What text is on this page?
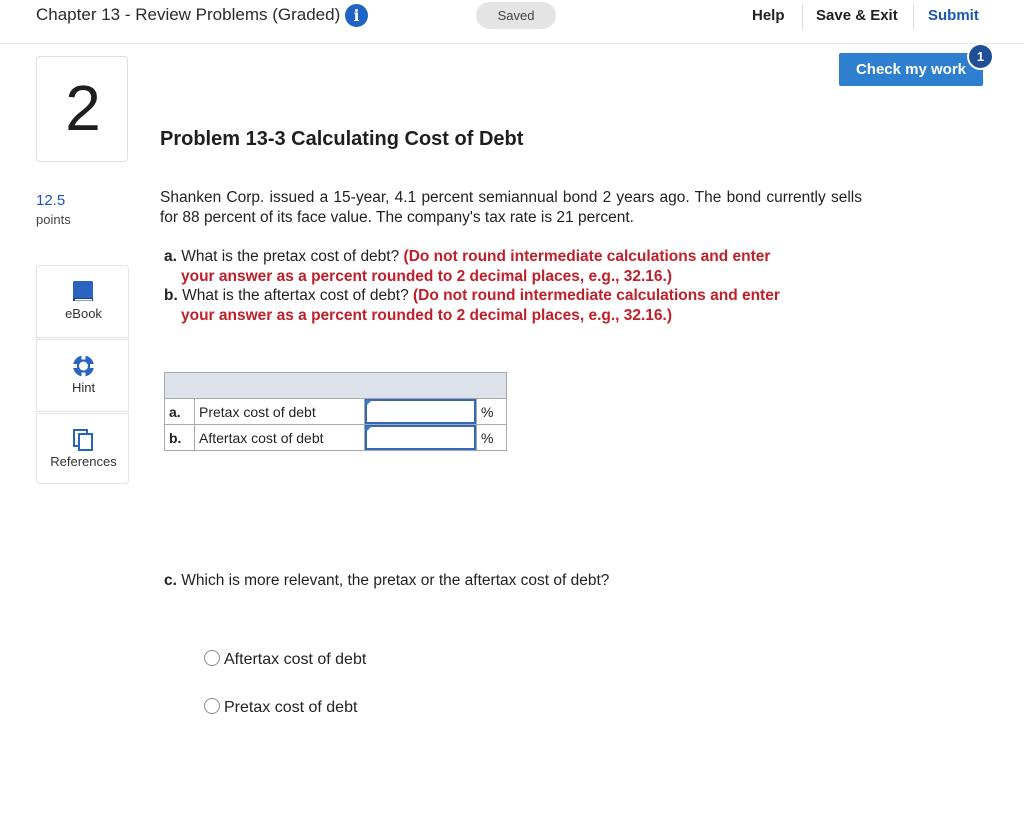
Chapter 13 - Review Problems (Graded) i	Saved	Help Save & Exit Submit
Check my work
1
2
12.5
points
eBook
Hint
References
Problem 13-3 Calculating Cost of Debt
Shanken Corp. issued a 15-year, 4.1 percent semiannual bond 2 years ago. The bond currently sells for 88 percent of its face value. The company's tax rate is 21 percent.
a. What is the pretax cost of debt? (Do not round intermediate calculations and enter
your answer as a percent rounded to 2 decimal places, e.g., 32.16.)
b. What is the aftertax cost of debt? (Do not round intermediate calculations and enter
your answer as a percent rounded to 2 decimal places, e.g., 32.16.)

a.	Pretax cost of debt		%
b.	Aftertax cost of debt		%
c. Which is more relevant, the pretax or the aftertax cost of debt?
Aftertax cost of debt
Pretax cost of debt
